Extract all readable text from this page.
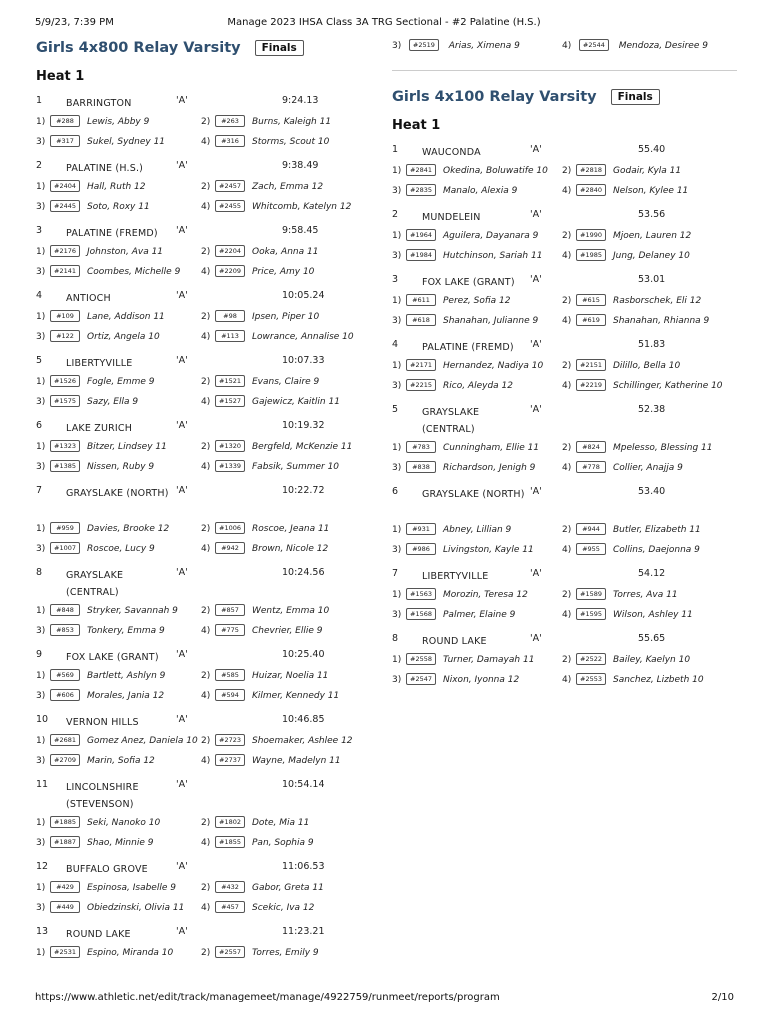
5/9/23, 7:39 PM	Manage 2023 IHSA Class 3A TRG Sectional - #2 Palatine (H.S.)
Girls 4x800 Relay Varsity	Finals
Heat 1
1	BARRINGTON	'A'	9:24.13
1) #288 Lewis, Abby 9	2) #263 Burns, Kaleigh 11
3) #317 Sukel, Sydney 11	4) #316 Storms, Scout 10
2	PALATINE (H.S.)	'A'	9:38.49
1) #2404 Hall, Ruth 12	2) #2457 Zach, Emma 12
3) #2445 Soto, Roxy 11	4) #2455 Whitcomb, Katelyn 12
3	PALATINE (FREMD)	'A'	9:58.45
1) #2176 Johnston, Ava 11	2) #2204 Ooka, Anna 11
3) #2141 Coombes, Michelle 9 4) #2209 Price, Amy 10
4	ANTIOCH	'A'	10:05.24
1) #109 Lane, Addison 11	2) #98 Ipsen, Piper 10
3) #122 Ortiz, Angela 10	4) #113 Lowrance, Annalise 10
5	LIBERTYVILLE	'A'	10:07.33
1) #1526 Fogle, Emme 9	2) #1521 Evans, Claire 9
3) #1575 Sazy, Ella 9	4) #1527 Gajewicz, Kaitlin 11
6	LAKE ZURICH	'A'	10:19.32
1) #1323 Bitzer, Lindsey 11	2) #1320 Bergfeld, McKenzie 11
3) #1385 Nissen, Ruby 9	4) #1339 Fabsik, Summer 10
7	GRAYSLAKE (NORTH) 'A'	10:22.72
1) #959 Davies, Brooke 12	2) #1006 Roscoe, Jeana 11
3) #1007 Roscoe, Lucy 9	4) #942 Brown, Nicole 12
8	GRAYSLAKE (CENTRAL)
'A'	10:24.56
1) #848 Stryker, Savannah 9	2) #857 Wentz, Emma 10
3) #853 Tonkery, Emma 9	4) #775 Chevrier, Ellie 9
9	FOX LAKE (GRANT)	'A'	10:25.40
1) #569 Bartlett, Ashlyn 9	2) #585 Huizar, Noelia 11
3) #606 Morales, Jania 12	4) #594 Kilmer, Kennedy 11
10 VERNON HILLS	'A'	10:46.85
1) #2681 Gomez Anez, Daniela 10 2) #2723 Shoemaker, Ashlee 12
3) #2709 Marin, Sofia 12	4) #2737 Wayne, Madelyn 11
11 LINCOLNSHIRE (STEVENSON)
'A'	10:54.14
1) #1885 Seki, Nanoko 10	2) #1802 Dote, Mia 11
3) #1887 Shao, Minnie 9	4) #1855 Pan, Sophia 9
12 BUFFALO GROVE	'A'	11:06.53
1) #429 Espinosa, Isabelle 9	2) #432 Gabor, Greta 11
3) #449 Obiedzinski, Olivia 11 4) #457 Scekic, Iva 12
13 ROUND LAKE	'A'	11:23.21
1) #2531 Espino, Miranda 10	2) #2557 Torres, Emily 9
3) #2519 Arias, Ximena 9	4) #2544 Mendoza, Desiree 9
Girls 4x100 Relay Varsity	Finals
Heat 1
1	WAUCONDA	'A'	55.40
1) #2841 Okedina, Boluwatife 10 2) #2818 Godair, Kyla 11
3) #2835 Manalo, Alexia 9	4) #2840 Nelson, Kylee 11
2	MUNDELEIN	'A'	53.56
1) #1964 Aguilera, Dayanara 9	2) #1990 Mjoen, Lauren 12
3) #1984 Hutchinson, Sariah 11 4) #1985 Jung, Delaney 10
3	FOX LAKE (GRANT)	'A'	53.01
1) #611 Perez, Sofia 12	2) #615 Rasborschek, Eli 12
3) #618 Shanahan, Julianne 9	4) #619 Shanahan, Rhianna 9
4	PALATINE (FREMD)	'A'	51.83
1) #2171 Hernandez, Nadiya 10 2) #2151 Dilillo, Bella 10
3) #2215 Rico, Aleyda 12	4) #2219 Schillinger, Katherine 10
5	GRAYSLAKE (CENTRAL)
'A'	52.38
1) #783 Cunningham, Ellie 11	2) #824 Mpelesso, Blessing 11
3) #838 Richardson, Jenigh 9	4) #778 Collier, Anajja 9
6	GRAYSLAKE (NORTH) 'A'	53.40
1) #931 Abney, Lillian 9	2) #944 Butler, Elizabeth 11
3) #986 Livingston, Kayle 11	4) #955 Collins, Daejonna 9
7	LIBERTYVILLE	'A'	54.12
1) #1563 Morozin, Teresa 12	2) #1589 Torres, Ava 11
3) #1568 Palmer, Elaine 9	4) #1595 Wilson, Ashley 11
8	ROUND LAKE	'A'	55.65
1) #2558 Turner, Damayah 11	2) #2522 Bailey, Kaelyn 10
3) #2547 Nixon, Iyonna 12	4) #2553 Sanchez, Lizbeth 10
https://www.athletic.net/edit/track/managemeet/manage/4922759/runmeet/reports/program	2/10
